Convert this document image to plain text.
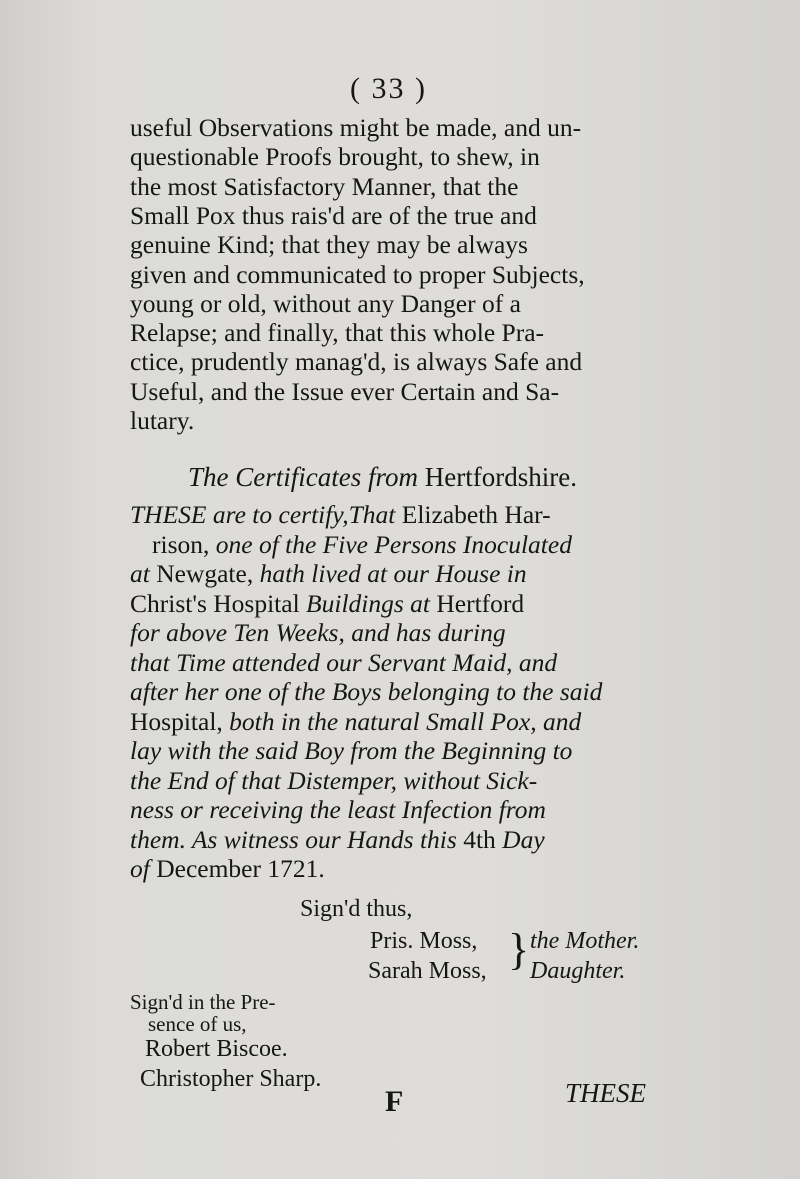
( 33 )
useful Observations might be made, and un-
questionable Proofs brought, to shew, in
the most Satisfactory Manner, that the
Small Pox thus rais'd are of the true and
genuine Kind; that they may be always
given and communicated to proper Subjects,
young or old, without any Danger of a
Relapse; and finally, that this whole Pra-
ctice, prudently manag'd, is always Safe and
Useful, and the Issue ever Certain and Sa-
lutary.
The Certificates from Hertfordshire.
THESE are to certify,That Elizabeth Har-
rison, one of the Five Persons Inoculated
at Newgate, hath lived at our House in
Christ's Hospital Buildings at Hertford
for above Ten Weeks, and has during
that Time attended our Servant Maid, and
after her one of the Boys belonging to the said
Hospital, both in the natural Small Pox, and
lay with the said Boy from the Beginning to
the End of that Distemper, without Sick-
ness or receiving the least Infection from
them. As witness our Hands this 4th Day
of December 1721.
Sign'd thus,
Pris. Moss,
Sarah Moss, } the Mother.
Daughter.
Sign'd in the Pre-
sence of us,
Robert Biscoe.
Christopher Sharp.
F	THESE
